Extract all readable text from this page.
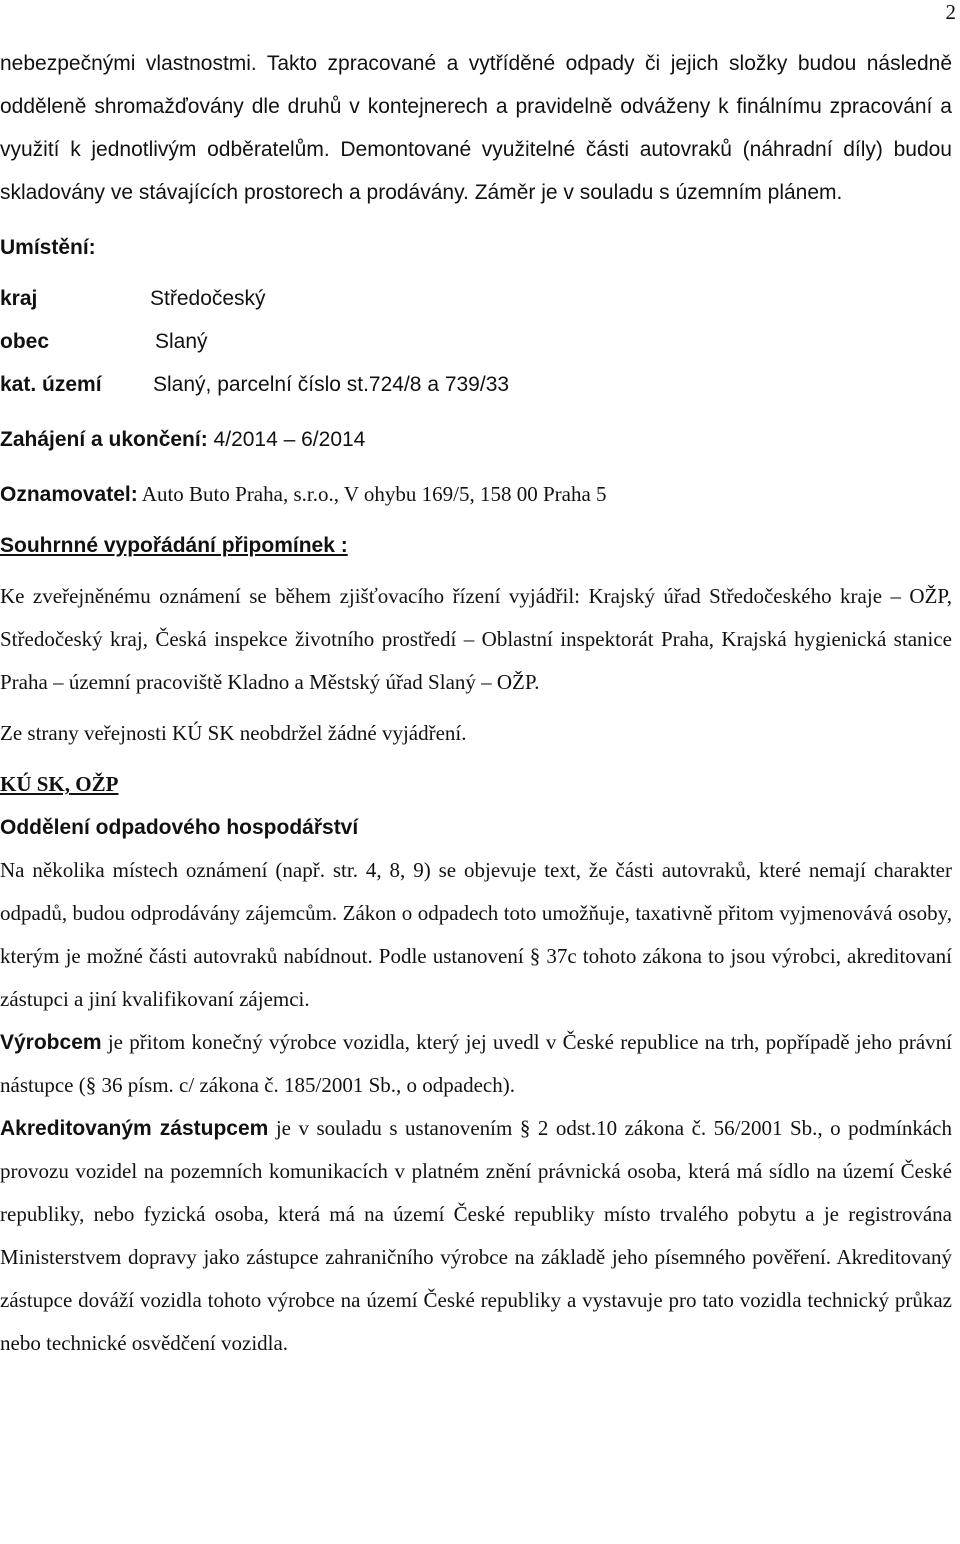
2

nebezpečnými vlastnostmi. Takto zpracované a vytříděné odpady či jejich složky budou následně odděleně shromažďovány dle druhů v kontejnerech a pravidelně odváženy k finálnímu zpracování a využití k jednotlivým odběratelům. Demontované využitelné části autovraků (náhradní díly) budou skladovány ve stávajících prostorech a prodávány. Záměr je v souladu s územním plánem.

Umístění:

kraj	Středočeský
obec	Slaný
kat. území	Slaný, parcelní číslo st.724/8 a 739/33

Zahájení a ukončení: 4/2014 – 6/2014

Oznamovatel: Auto Buto Praha, s.r.o., V ohybu 169/5, 158 00 Praha 5

Souhrnné vypořádání připomínek :

Ke zveřejněnému oznámení se během zjišťovacího řízení vyjádřil: Krajský úřad Středočeského kraje – OŽP, Středočeský kraj, Česká inspekce životního prostředí – Oblastní inspektorát Praha, Krajská hygienická stanice Praha – územní pracoviště Kladno a Městský úřad Slaný – OŽP.

Ze strany veřejnosti KÚ SK neobdržel žádné vyjádření.

KÚ SK, OŽP

Oddělení odpadového hospodářství

Na několika místech oznámení (např. str. 4, 8, 9) se objevuje text, že části autovraků, které nemají charakter odpadů, budou odprodávány zájemcům. Zákon o odpadech toto umožňuje, taxativně přitom vyjmenovává osoby, kterým je možné části autovraků nabídnout. Podle ustanovení § 37c tohoto zákona to jsou výrobci, akreditovaní zástupci a jiní kvalifikovaní zájemci.

Výrobcem je přitom konečný výrobce vozidla, který jej uvedl v České republice na trh, popřípadě jeho právní nástupce (§ 36 písm. c/ zákona č. 185/2001 Sb., o odpadech).

Akreditovaným zástupcem je v souladu s ustanovením § 2 odst.10 zákona č. 56/2001 Sb., o podmínkách provozu vozidel na pozemních komunikacích v platném znění právnická osoba, která má sídlo na území České republiky, nebo fyzická osoba, která má na území České republiky místo trvalého pobytu a je registrována Ministerstvem dopravy jako zástupce zahraničního výrobce na základě jeho písemného pověření. Akreditovaný zástupce dováží vozidla tohoto výrobce na území České republiky a vystavuje pro tato vozidla technický průkaz nebo technické osvědčení vozidla.
